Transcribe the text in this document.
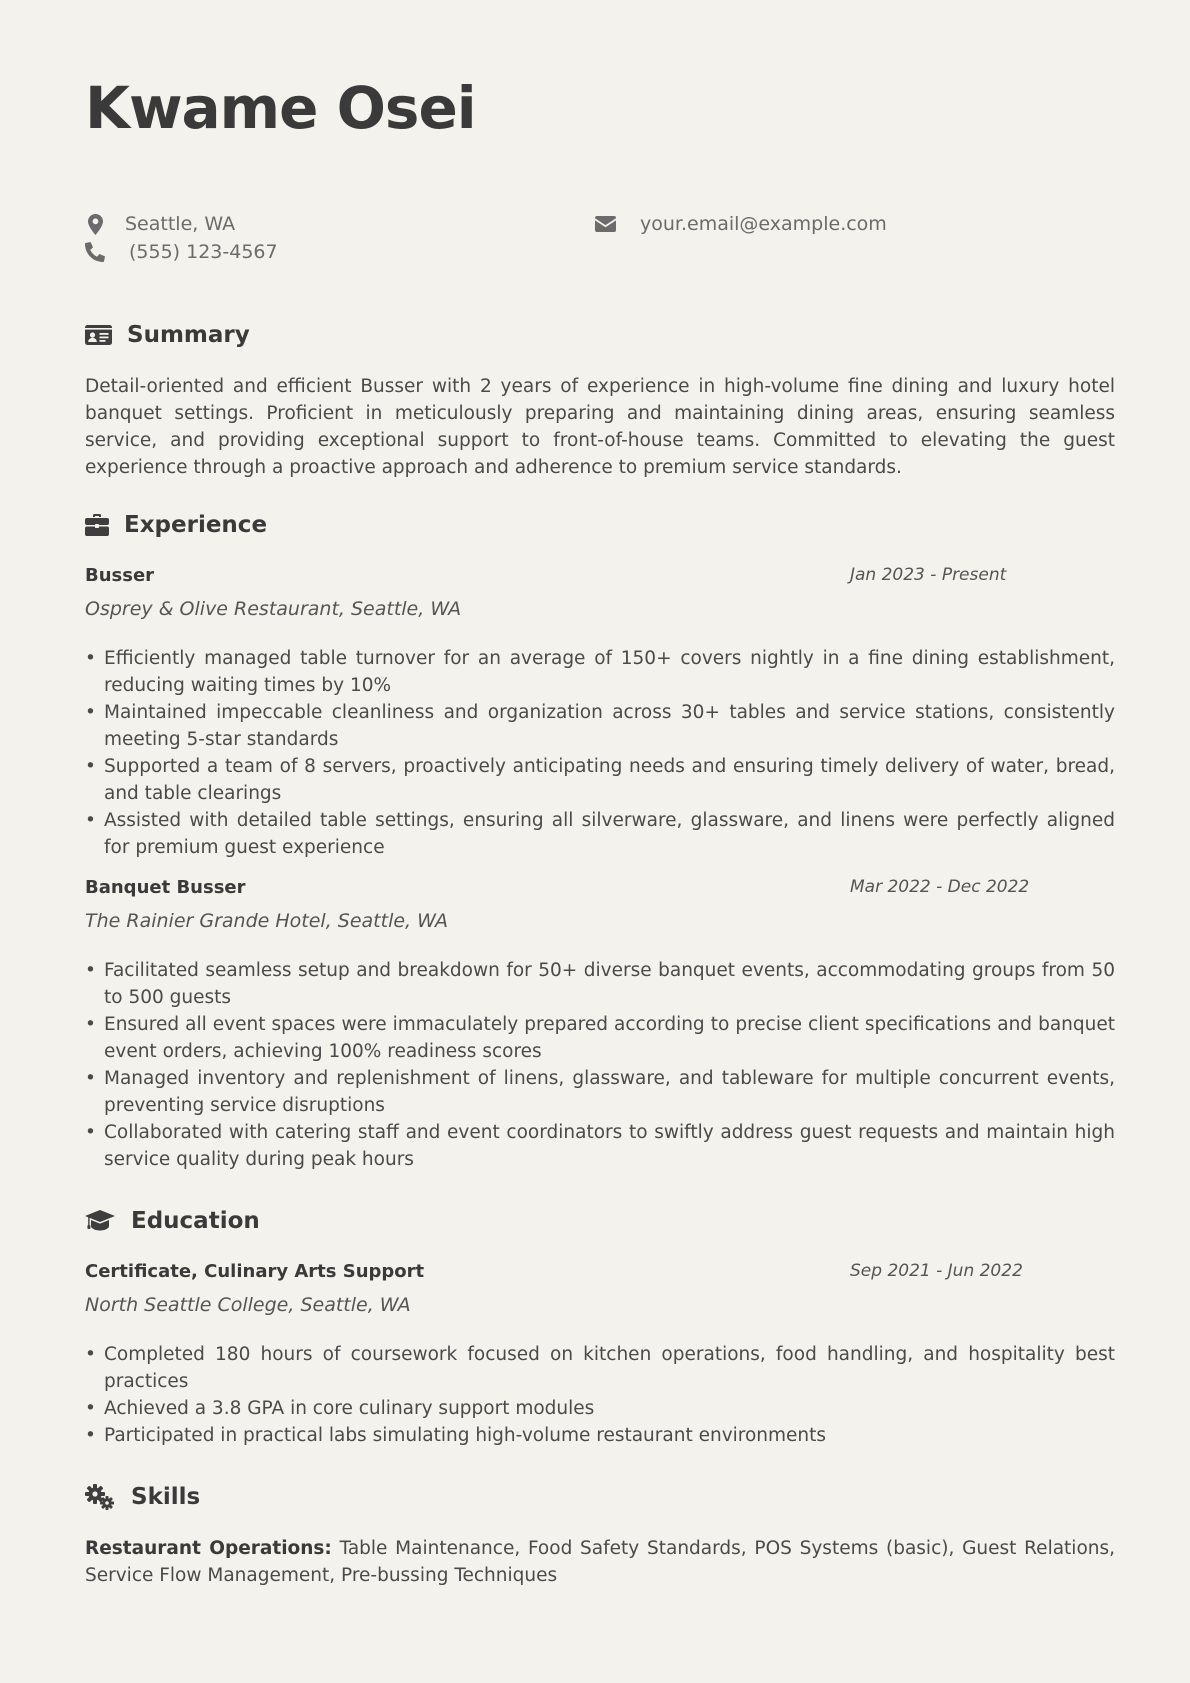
Kwame Osei
Seattle, WA
(555) 123-4567
your.email@example.com
Summary

Detail-oriented and efficient Busser with 2 years of experience in high-volume fine dining and luxury hotel banquet settings. Proficient in meticulously preparing and maintaining dining areas, ensuring seamless service, and providing exceptional support to front-of-house teams. Committed to elevating the guest experience through a proactive approach and adherence to premium service standards.

Experience
Busser	Jan 2023 - Present
Osprey & Olive Restaurant, Seattle, WA
• Efficiently managed table turnover for an average of 150+ covers nightly in a fine dining establishment, reducing waiting times by 10%
• Maintained impeccable cleanliness and organization across 30+ tables and service stations, consistently meeting 5-star standards
• Supported a team of 8 servers, proactively anticipating needs and ensuring timely delivery of water, bread, and table clearings
• Assisted with detailed table settings, ensuring all silverware, glassware, and linens were perfectly aligned for premium guest experience
Banquet Busser	Mar 2022 - Dec 2022
The Rainier Grande Hotel, Seattle, WA
• Facilitated seamless setup and breakdown for 50+ diverse banquet events, accommodating groups from 50 to 500 guests
• Ensured all event spaces were immaculately prepared according to precise client specifications and banquet event orders, achieving 100% readiness scores
• Managed inventory and replenishment of linens, glassware, and tableware for multiple concurrent events, preventing service disruptions
• Collaborated with catering staff and event coordinators to swiftly address guest requests and maintain high service quality during peak hours
Education
Certificate, Culinary Arts Support	Sep 2021 - Jun 2022
North Seattle College, Seattle, WA
• Completed 180 hours of coursework focused on kitchen operations, food handling, and hospitality best practices
• Achieved a 3.8 GPA in core culinary support modules
• Participated in practical labs simulating high-volume restaurant environments
Skills

Restaurant Operations: Table Maintenance, Food Safety Standards, POS Systems (basic), Guest Relations, Service Flow Management, Pre-bussing Techniques
